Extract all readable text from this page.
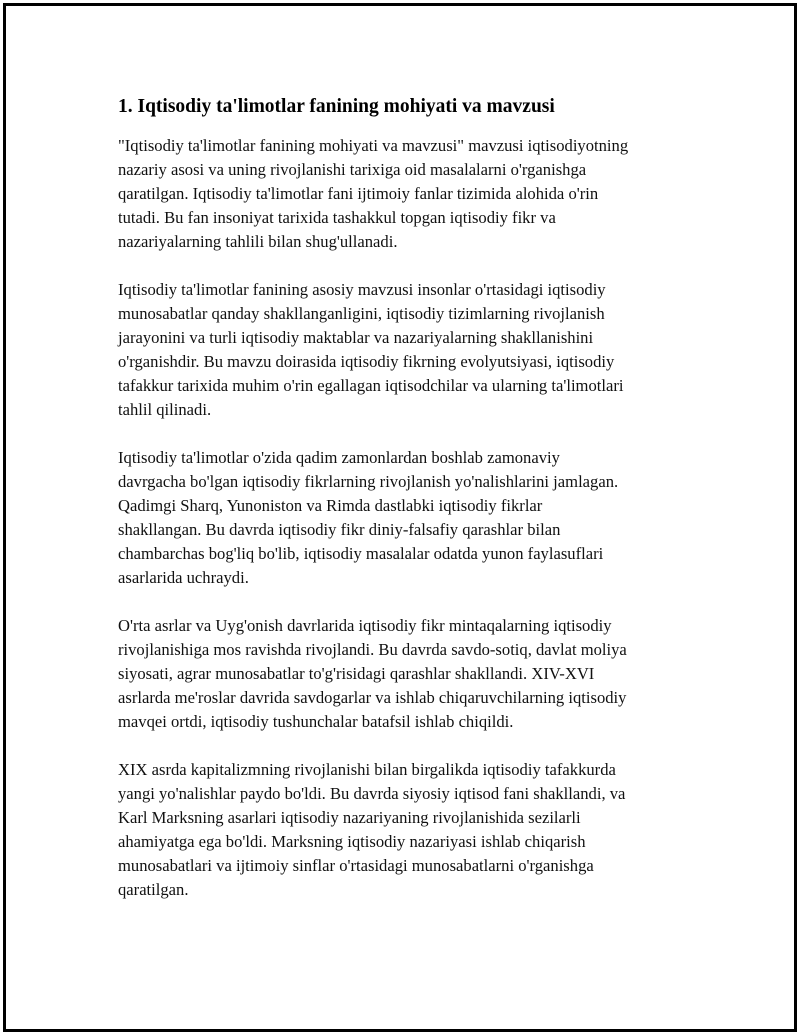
1. Iqtisodiy ta'limotlar fanining mohiyati va mavzusi
"Iqtisodiy ta'limotlar fanining mohiyati va mavzusi" mavzusi iqtisodiyotning
nazariy asosi va uning rivojlanishi tarixiga oid masalalarni o'rganishga
qaratilgan. Iqtisodiy ta'limotlar fani ijtimoiy fanlar tizimida alohida o'rin
tutadi. Bu fan insoniyat tarixida tashakkul topgan iqtisodiy fikr va
nazariyalarning tahlili bilan shug'ullanadi.
Iqtisodiy ta'limotlar fanining asosiy mavzusi insonlar o'rtasidagi iqtisodiy
munosabatlar qanday shakllanganligini, iqtisodiy tizimlarning rivojlanish
jarayonini va turli iqtisodiy maktablar va nazariyalarning shakllanishini
o'rganishdir. Bu mavzu doirasida iqtisodiy fikrning evolyutsiyasi, iqtisodiy
tafakkur tarixida muhim o'rin egallagan iqtisodchilar va ularning ta'limotlari
tahlil qilinadi.
Iqtisodiy ta'limotlar o'zida qadim zamonlardan boshlab zamonaviy
davrgacha bo'lgan iqtisodiy fikrlarning rivojlanish yo'nalishlarini jamlagan.
Qadimgi Sharq, Yunoniston va Rimda dastlabki iqtisodiy fikrlar
shakllangan. Bu davrda iqtisodiy fikr diniy-falsafiy qarashlar bilan
chambarchas bog'liq bo'lib, iqtisodiy masalalar odatda yunon faylasuflari
asarlarida uchraydi.
O'rta asrlar va Uyg'onish davrlarida iqtisodiy fikr mintaqalarning iqtisodiy
rivojlanishiga mos ravishda rivojlandi. Bu davrda savdo-sotiq, davlat moliya
siyosati, agrar munosabatlar to'g'risidagi qarashlar shakllandi. XIV-XVI
asrlarda me'roslar davrida savdogarlar va ishlab chiqaruvchilarning iqtisodiy
mavqei ortdi, iqtisodiy tushunchalar batafsil ishlab chiqildi.
XIX asrda kapitalizmning rivojlanishi bilan birgalikda iqtisodiy tafakkurda
yangi yo'nalishlar paydo bo'ldi. Bu davrda siyosiy iqtisod fani shakllandi, va
Karl Marksning asarlari iqtisodiy nazariyaning rivojlanishida sezilarli
ahamiyatga ega bo'ldi. Marksning iqtisodiy nazariyasi ishlab chiqarish
munosabatlari va ijtimoiy sinflar o'rtasidagi munosabatlarni o'rganishga
qaratilgan.
